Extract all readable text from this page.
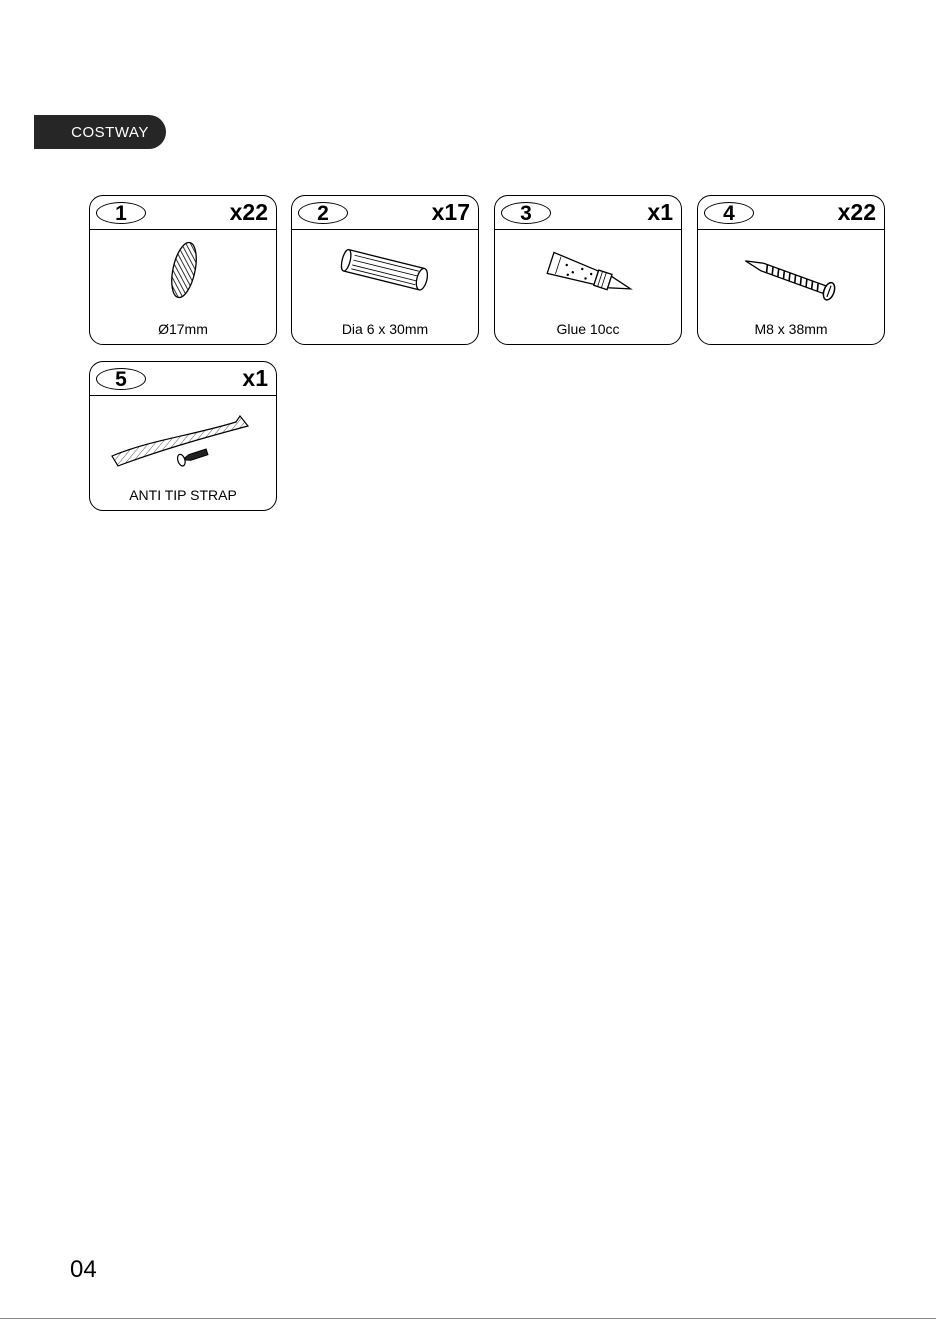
COSTWAY
1	x22
Ø17mm
2	x17
Dia 6 x 30mm
3	x1
Glue 10cc
4	x22
M8 x 38mm
5	x1
ANTI TIP STRAP
04
